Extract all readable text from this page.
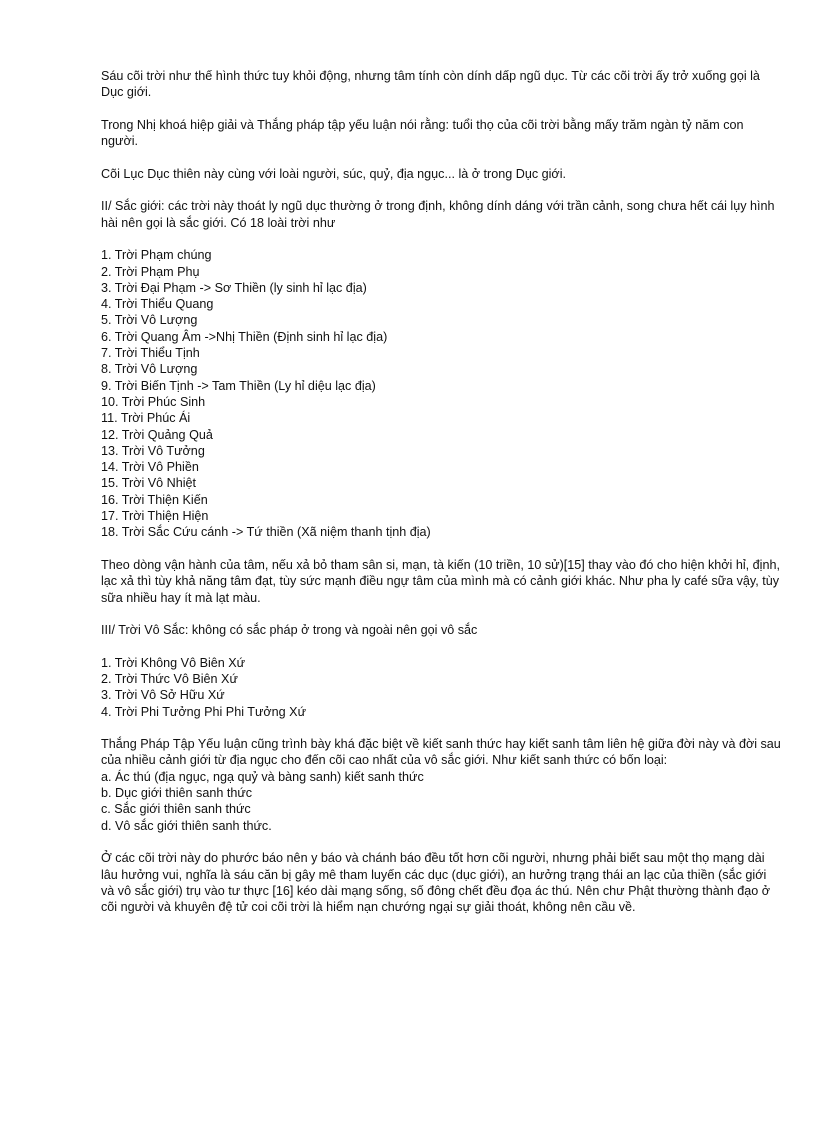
Sáu cõi trời như thế hình thức tuy khỏi động, nhưng tâm tính còn dính dấp ngũ dục. Từ các cõi trời ấy trở xuống gọi là Dục giới.

Trong Nhị khoá hiệp giải và Thắng pháp tập yếu luận nói rằng: tuổi thọ của cõi trời bằng mấy trăm ngàn tỷ năm con người.

Cõi Lục Dục thiên này cùng với loài người, súc, quỷ, địa ngục... là ở trong Dục giới.

II/ Sắc giới: các trời này thoát ly ngũ dục thường ở trong định, không dính dáng với trần cảnh, song chưa hết cái lụy hình hài nên gọi là sắc giới. Có 18 loài trời như

1. Trời Phạm chúng
2. Trời Phạm Phụ
3. Trời Đại Phạm -> Sơ Thiền (ly sinh hỉ lạc địa)
4. Trời Thiểu Quang
5. Trời Vô Lượng
6. Trời Quang Âm ->Nhị Thiền (Định sinh hỉ lạc địa)
7. Trời Thiểu Tịnh
8. Trời Vô Lượng
9. Trời Biến Tịnh -> Tam Thiền (Ly hỉ diệu lạc địa)
10. Trời Phúc Sinh
11. Trời Phúc Ái
12. Trời Quảng Quả
13. Trời Vô Tưởng
14. Trời Vô Phiền
15. Trời Vô Nhiệt
16. Trời Thiện Kiến
17. Trời Thiện Hiện
18. Trời Sắc Cứu cánh -> Tứ thiền (Xã niệm thanh tịnh địa)

Theo dòng vận hành của tâm, nếu xả bỏ tham sân si, mạn, tà kiến (10 triền, 10 sử)[15] thay vào đó cho hiện khởi hỉ, định, lạc xả thì tùy khả năng tâm đạt, tùy sức mạnh điều ngự tâm của mình mà có cảnh giới khác. Như pha ly café sữa vậy, tùy sữa nhiều hay ít mà lạt màu.

III/ Trời Vô Sắc: không có sắc pháp ở trong và ngoài nên gọi vô sắc

1. Trời Không Vô Biên Xứ
2. Trời Thức Vô Biên Xứ
3. Trời Vô Sở Hữu Xứ
4. Trời Phi Tưởng Phi Phi Tưởng Xứ

Thắng Pháp Tập Yếu luận cũng trình bày khá đặc biệt về kiết sanh thức hay kiết sanh tâm liên hệ giữa đời này và đời sau của nhiều cảnh giới từ địa ngục cho đến cõi cao nhất của vô sắc giới. Như kiết sanh thức có bốn loại:

a. Ác thú (địa ngục, ngạ quỷ và bàng sanh) kiết sanh thức
b. Dục giới thiên sanh thức
c. Sắc giới thiên sanh thức
d. Vô sắc giới thiên sanh thức.

Ở các cõi trời này do phước báo nên y báo và chánh báo đều tốt hơn cõi người, nhưng phải biết sau một thọ mạng dài lâu hưởng vui, nghĩa là sáu căn bị gây mê tham luyến các dục (dục giới), an hưởng trạng thái an lạc của thiền (sắc giới và vô sắc giới) trụ vào tư thực [16] kéo dài mạng sống, số đông chết đều đọa ác thú. Nên chư Phật thường thành đạo ở cõi người và khuyên đệ tử coi cõi trời là hiểm nạn chướng ngại sự giải thoát, không nên cầu về.
